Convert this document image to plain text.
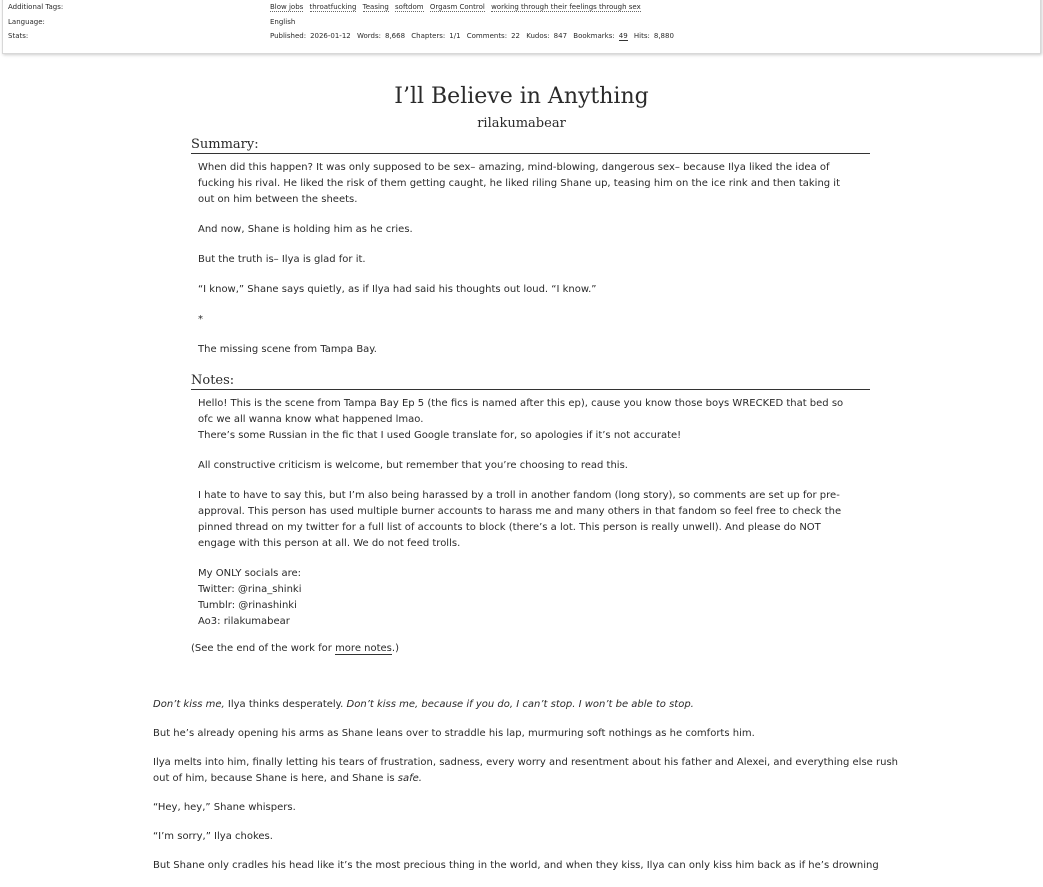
Additional Tags:	Blow jobs throatfucking Teasing softdom Orgasm Control working through their feelings through sex
Language:	English
Stats:	Published: 2026-01-12 Words: 8,668 Chapters: 1/1 Comments: 22 Kudos: 847 Bookmarks: 49 Hits: 8,880
I’ll Believe in Anything
rilakumabear
Summary:

When did this happen? It was only supposed to be sex– amazing, mind-blowing, dangerous sex– because Ilya liked the idea of fucking his rival. He liked the risk of them getting caught, he liked riling Shane up, teasing him on the ice rink and then taking it out on him between the sheets.

And now, Shane is holding him as he cries.

But the truth is– Ilya is glad for it.

“I know,” Shane says quietly, as if Ilya had said his thoughts out loud. “I know.”

*

The missing scene from Tampa Bay.

Notes:

Hello! This is the scene from Tampa Bay Ep 5 (the fics is named after this ep), cause you know those boys WRECKED that bed so ofc we all wanna know what happened lmao.
There’s some Russian in the fic that I used Google translate for, so apologies if it’s not accurate!

All constructive criticism is welcome, but remember that you’re choosing to read this.

I hate to have to say this, but I’m also being harassed by a troll in another fandom (long story), so comments are set up for pre-approval. This person has used multiple burner accounts to harass me and many others in that fandom so feel free to check the pinned thread on my twitter for a full list of accounts to block (there’s a lot. This person is really unwell). And please do NOT engage with this person at all. We do not feed trolls.

My ONLY socials are:
Twitter: @rina_shinki
Tumblr: @rinashinki
Ao3: rilakumabear

(See the end of the work for more notes.)

Don’t kiss me, Ilya thinks desperately. Don’t kiss me, because if you do, I can’t stop. I won’t be able to stop.

But he’s already opening his arms as Shane leans over to straddle his lap, murmuring soft nothings as he comforts him.

Ilya melts into him, finally letting his tears of frustration, sadness, every worry and resentment about his father and Alexei, and everything else rush out of him, because Shane is here, and Shane is safe.

“Hey, hey,” Shane whispers.

“I’m sorry,” Ilya chokes.

But Shane only cradles his head like it’s the most precious thing in the world, and when they kiss, Ilya can only kiss him back as if he’s drowning
